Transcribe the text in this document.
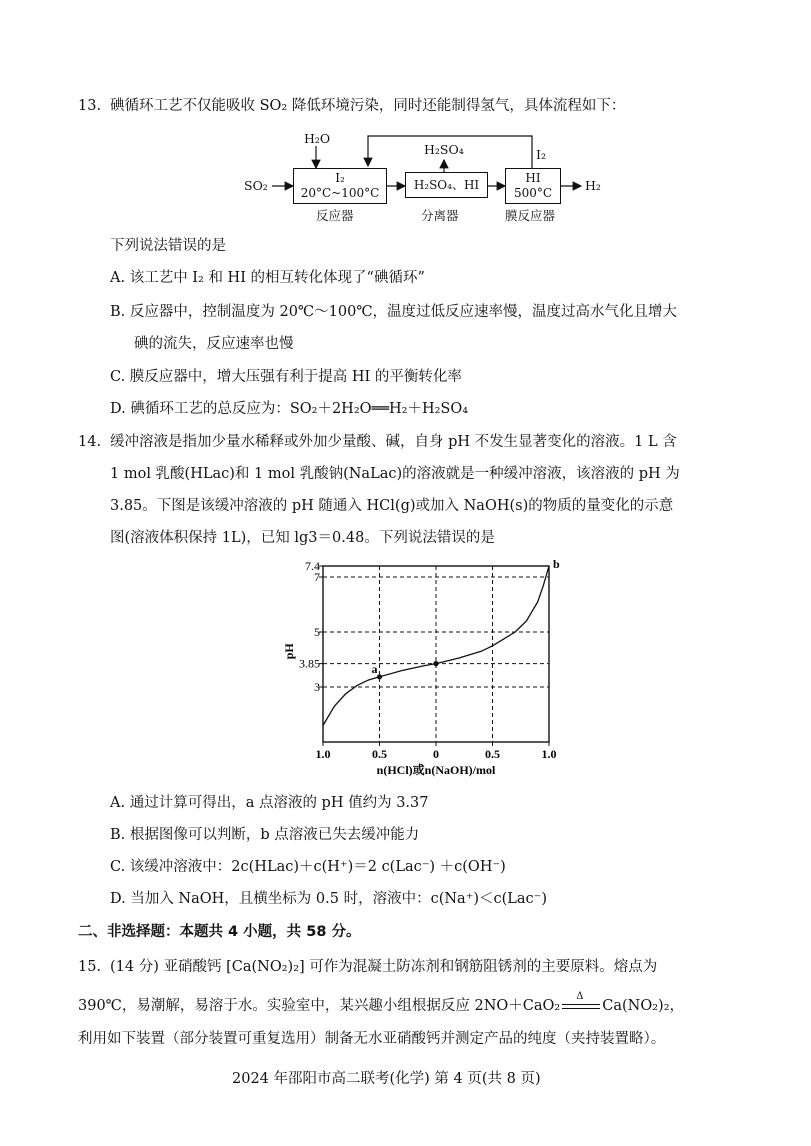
13. 碘循环工艺不仅能吸收 SO₂ 降低环境污染，同时还能制得氢气，具体流程如下：
SO₂
H₂O
I₂
20°C~100°C
反应器
H₂SO₄
H₂SO₄、HI
分离器
I₂
HI
500°C
膜反应器
H₂
下列说法错误的是
A. 该工艺中 I₂ 和 HI 的相互转化体现了“碘循环”
B. 反应器中，控制温度为 20℃～100℃，温度过低反应速率慢，温度过高水气化且增大
碘的流失，反应速率也慢
C. 膜反应器中，增大压强有利于提高 HI 的平衡转化率
D. 碘循环工艺的总反应为：SO₂＋2H₂O══H₂＋H₂SO₄
14. 缓冲溶液是指加少量水稀释或外加少量酸、碱，自身 pH 不发生显著变化的溶液。1 L 含
1 mol 乳酸(HLac)和 1 mol 乳酸钠(NaLac)的溶液就是一种缓冲溶液，该溶液的 pH 为
3.85。下图是该缓冲溶液的 pH 随通入 HCl(g)或加入 NaOH(s)的物质的量变化的示意
图(溶液体积保持 1L)，已知 lg3＝0.48。下列说法错误的是
3
3.85
5
7
7.4
1.0	0.5	0	0.5	1.0
n(HCl)或n(NaOH)/mol
pH
a
b
A. 通过计算可得出，a 点溶液的 pH 值约为 3.37
B. 根据图像可以判断，b 点溶液已失去缓冲能力
C. 该缓冲溶液中：2c(HLac)＋c(H⁺)＝2 c(Lac⁻) ＋c(OH⁻)
D. 当加入 NaOH，且横坐标为 0.5 时，溶液中：c(Na⁺)＜c(Lac⁻)
二、非选择题：本题共 4 小题，共 58 分。
15. (14 分) 亚硝酸钙 [Ca(NO₂)₂] 可作为混凝土防冻剂和钢筋阻锈剂的主要原料。熔点为
390℃，易潮解，易溶于水。实验室中，某兴趣小组根据反应 2NO＋CaO₂
Δ
Ca(NO₂)₂，
利用如下装置（部分装置可重复选用）制备无水亚硝酸钙并测定产品的纯度（夹持装置略）。
2024 年邵阳市高二联考(化学) 第 4 页(共 8 页)
